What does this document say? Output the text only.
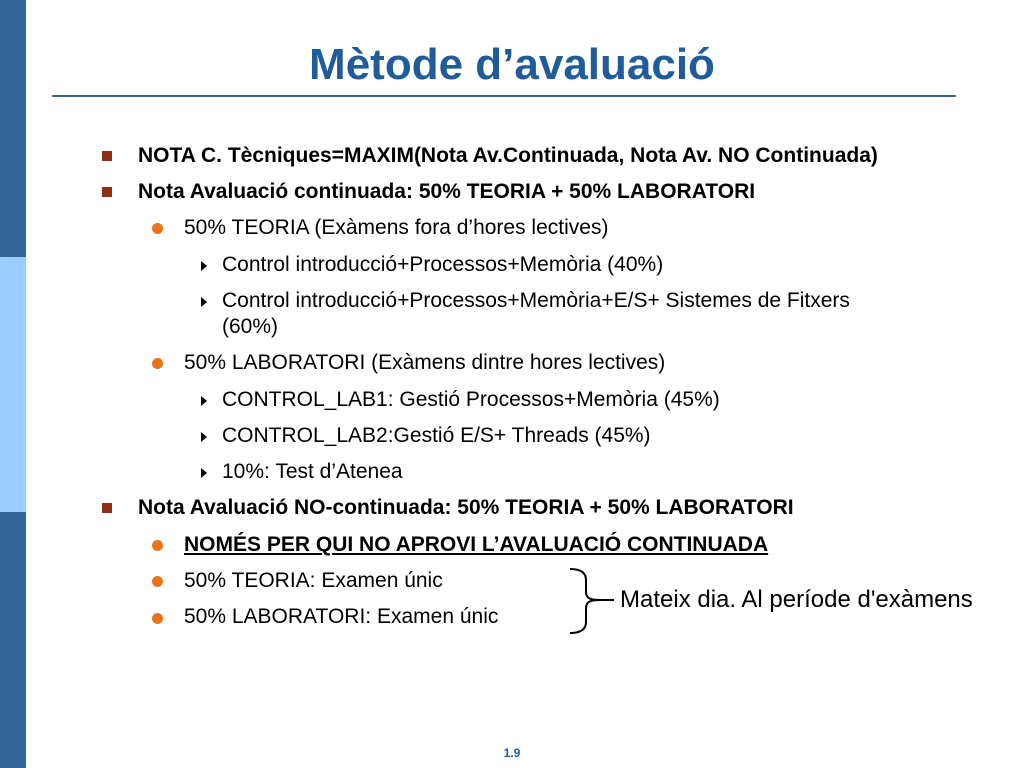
Mètode d’avaluació
NOTA C. Tècniques=MAXIM(Nota Av.Continuada, Nota Av. NO Continuada)
Nota Avaluació continuada: 50% TEORIA + 50% LABORATORI
50% TEORIA (Exàmens fora d’hores lectives)
Control introducció+Processos+Memòria (40%)
Control introducció+Processos+Memòria+E/S+ Sistemes de Fitxers
(60%)
50% LABORATORI (Exàmens dintre hores lectives)
CONTROL_LAB1: Gestió Processos+Memòria (45%)
CONTROL_LAB2:Gestió E/S+ Threads (45%)
10%: Test d’Atenea
Nota Avaluació NO-continuada: 50% TEORIA + 50% LABORATORI
NOMÉS PER QUI NO APROVI L’AVALUACIÓ CONTINUADA
50% TEORIA: Examen únic
50% LABORATORI: Examen únic
Mateix dia. Al període d'exàmens
1.9
